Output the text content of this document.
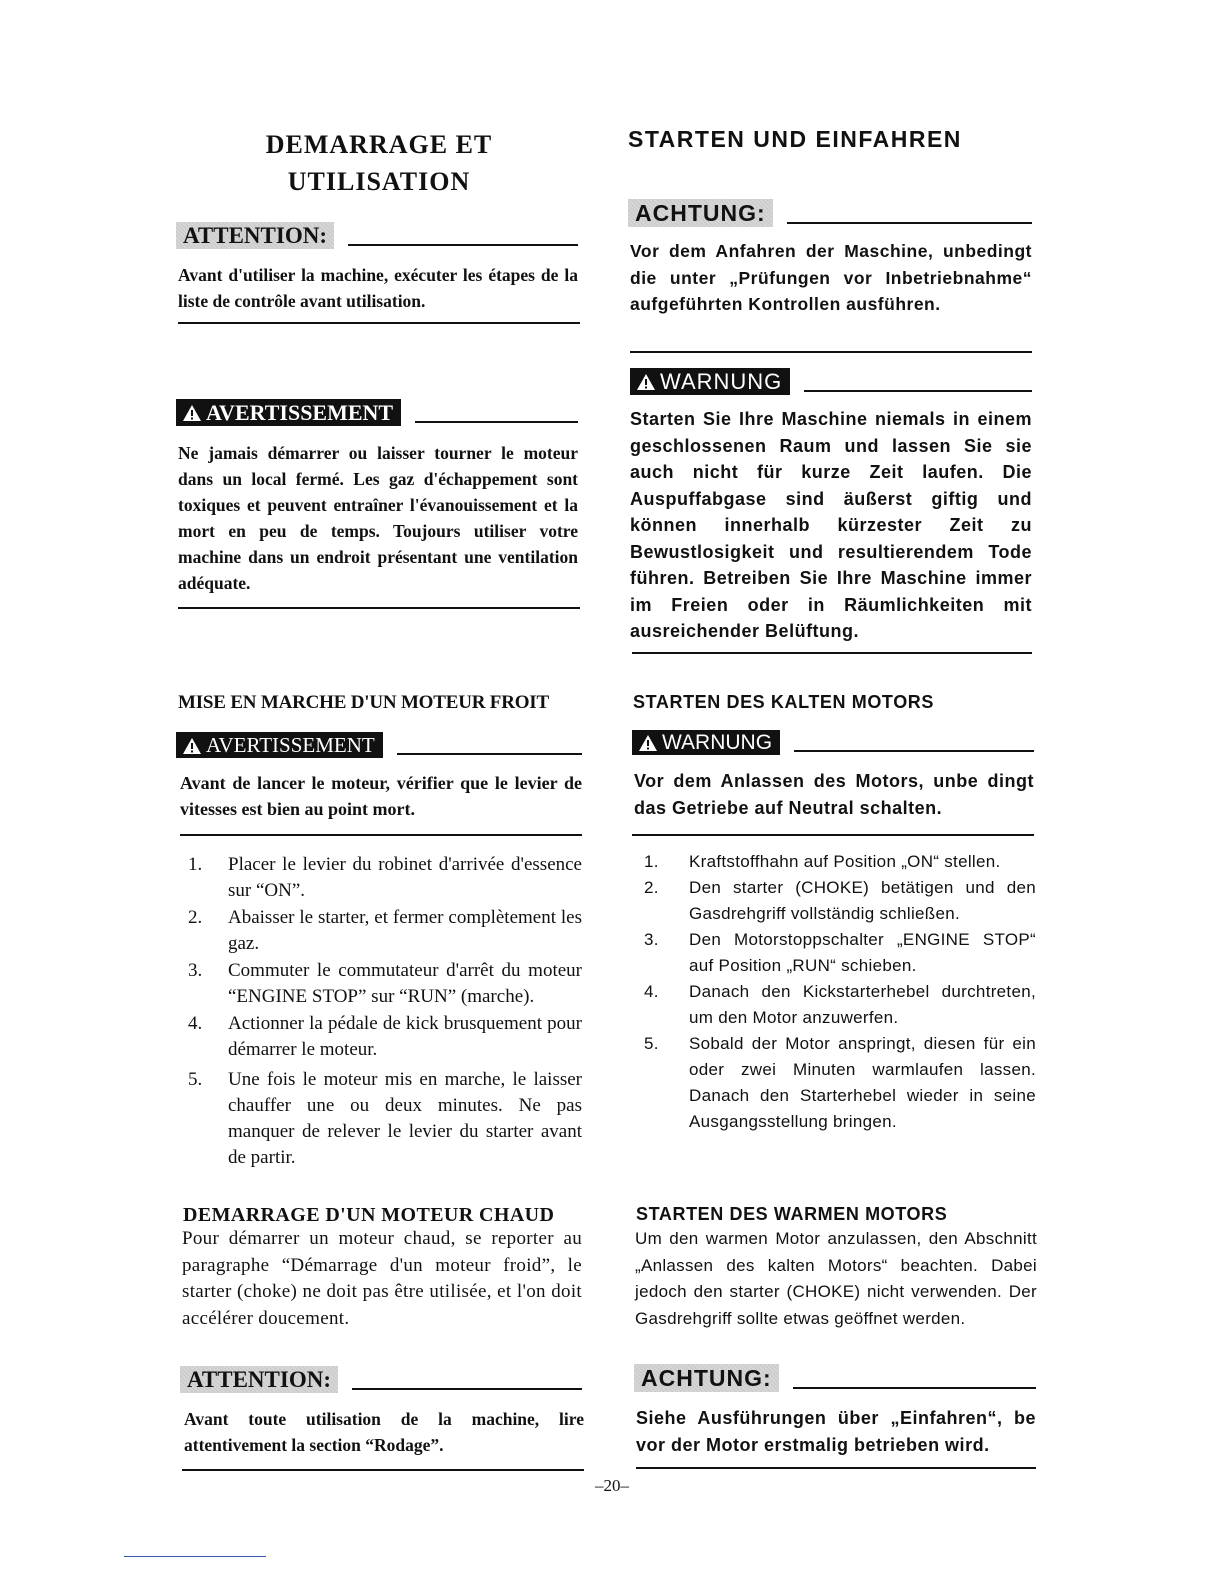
DEMARRAGE ET
UTILISATION
ATTENTION:
Avant d'utiliser la machine, exécuter les étapes de la liste de contrôle avant utilisation.
AVERTISSEMENT
Ne jamais démarrer ou laisser tourner le moteur dans un local fermé. Les gaz d'échappement sont toxiques et peuvent entraîner l'évanouissement et la mort en peu de temps. Toujours utiliser votre machine dans un endroit présentant une ventilation adéquate.
MISE EN MARCHE D'UN MOTEUR FROIT
AVERTISSEMENT
Avant de lancer le moteur, vérifier que le levier de vitesses est bien au point mort.
1.	Placer le levier du robinet d'arrivée d'essence sur “ON”.
2.	Abaisser le starter, et fermer complètement les gaz.
3.	Commuter le commutateur d'arrêt du moteur “ENGINE STOP” sur “RUN” (marche).
4.	Actionner la pédale de kick brusquement pour démarrer le moteur.
5.	Une fois le moteur mis en marche, le laisser chauffer une ou deux minutes. Ne pas manquer de relever le levier du starter avant de partir.
DEMARRAGE D'UN MOTEUR CHAUD
Pour démarrer un moteur chaud, se reporter au paragraphe “Démarrage d'un moteur froid”, le starter (choke) ne doit pas être utilisée, et l'on doit accélérer doucement.
ATTENTION:
Avant toute utilisation de la machine, lire attentivement la section “Rodage”.
STARTEN UND EINFAHREN
ACHTUNG:
Vor dem Anfahren der Maschine, unbedingt die unter „Prüfungen vor Inbetriebnahme“ aufgeführten Kontrollen ausführen.
WARNUNG
Starten Sie Ihre Maschine niemals in einem geschlossenen Raum und lassen Sie sie auch nicht für kurze Zeit laufen. Die Auspuffabgase sind äußerst giftig und können innerhalb kürzester Zeit zu Bewustlosigkeit und resultierendem Tode führen. Betreiben Sie Ihre Maschine immer im Freien oder in Räumlichkeiten mit ausreichender Belüftung.
STARTEN DES KALTEN MOTORS
WARNUNG
Vor dem Anlassen des Motors, unbe dingt das Getriebe auf Neutral schalten.
1.	Kraftstoffhahn auf Position „ON“ stellen.
2.	Den starter (CHOKE) betätigen und den Gasdrehgriff vollständig schließen.
3.	Den Motorstoppschalter „ENGINE STOP“ auf Position „RUN“ schieben.
4.	Danach den Kickstarterhebel durchtreten, um den Motor anzuwerfen.
5.	Sobald der Motor anspringt, diesen für ein oder zwei Minuten warmlaufen lassen. Danach den Starterhebel wieder in seine Ausgangsstellung bringen.
STARTEN DES WARMEN MOTORS
Um den warmen Motor anzulassen, den Abschnitt „Anlassen des kalten Motors“ beachten. Dabei jedoch den starter (CHOKE) nicht verwenden. Der Gasdrehgriff sollte etwas geöffnet werden.
ACHTUNG:
Siehe Ausführungen über „Einfahren“, be vor der Motor erstmalig betrieben wird.
–20–
